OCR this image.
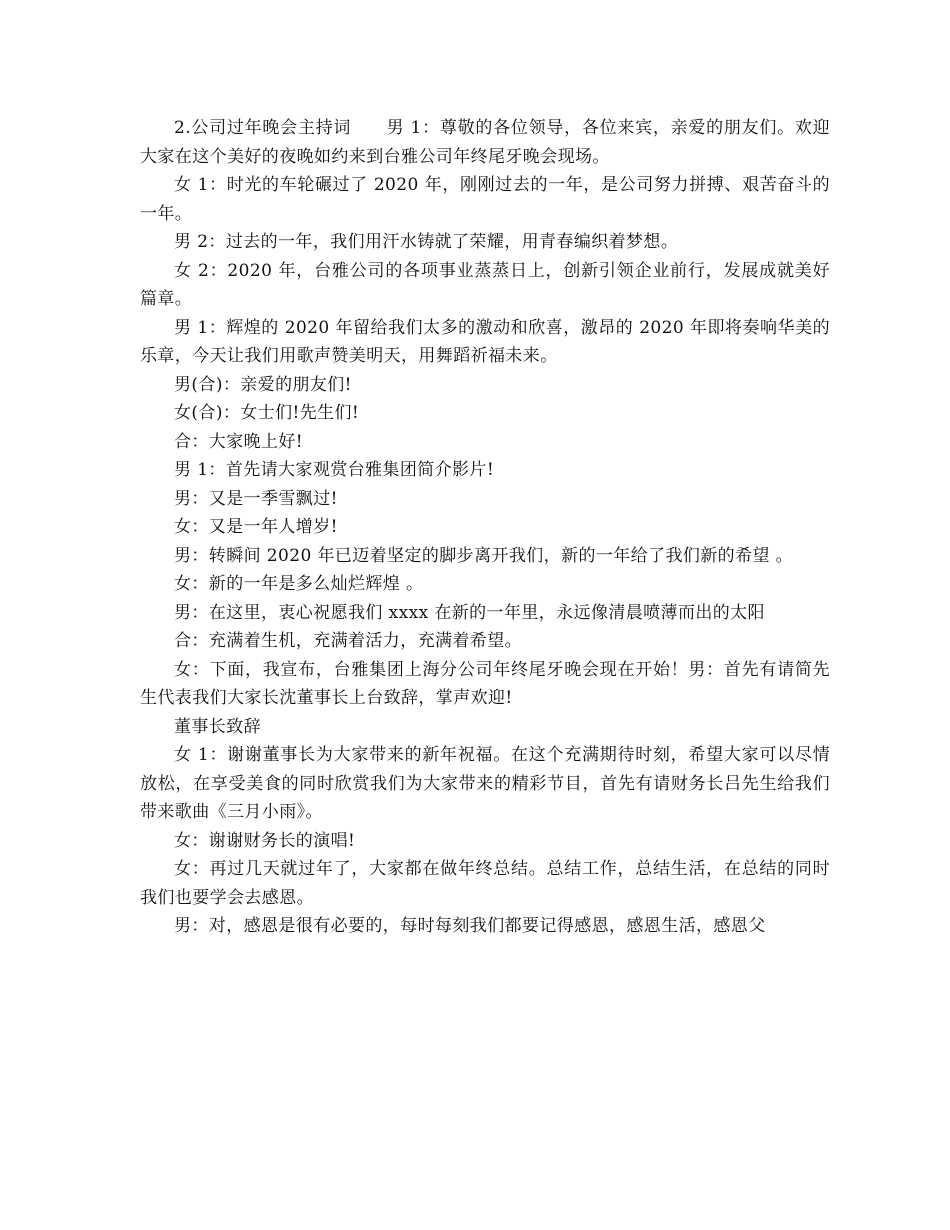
2.公司过年晚会主持词　　男 1：尊敬的各位领导，各位来宾，亲爱的朋友们。欢迎大家在这个美好的夜晚如约来到台雅公司年终尾牙晚会现场。

女 1：时光的车轮碾过了 2020 年，刚刚过去的一年，是公司努力拼搏、艰苦奋斗的一年。

男 2：过去的一年，我们用汗水铸就了荣耀，用青春编织着梦想。

女 2：2020 年，台雅公司的各项事业蒸蒸日上，创新引领企业前行，发展成就美好篇章。

男 1：辉煌的 2020 年留给我们太多的激动和欣喜，激昂的 2020 年即将奏响华美的乐章，今天让我们用歌声赞美明天，用舞蹈祈福未来。

男(合)：亲爱的朋友们!

女(合)：女士们!先生们!

合：大家晚上好!

男 1：首先请大家观赏台雅集团简介影片!

男：又是一季雪飘过!

女：又是一年人增岁!

男：转瞬间 2020 年已迈着坚定的脚步离开我们，新的一年给了我们新的希望 。

女：新的一年是多么灿烂辉煌 。

男：在这里，衷心祝愿我们 xxxx 在新的一年里，永远像清晨喷薄而出的太阳

合：充满着生机，充满着活力，充满着希望。

女：下面，我宣布，台雅集团上海分公司年终尾牙晚会现在开始！男：首先有请简先生代表我们大家长沈董事长上台致辞，掌声欢迎!

董事长致辞

女 1：谢谢董事长为大家带来的新年祝福。在这个充满期待时刻，希望大家可以尽情放松，在享受美食的同时欣赏我们为大家带来的精彩节目，首先有请财务长吕先生给我们带来歌曲《三月小雨》。

女：谢谢财务长的演唱!

女：再过几天就过年了，大家都在做年终总结。总结工作，总结生活，在总结的同时我们也要学会去感恩。

男：对，感恩是很有必要的，每时每刻我们都要记得感恩，感恩生活，感恩父
